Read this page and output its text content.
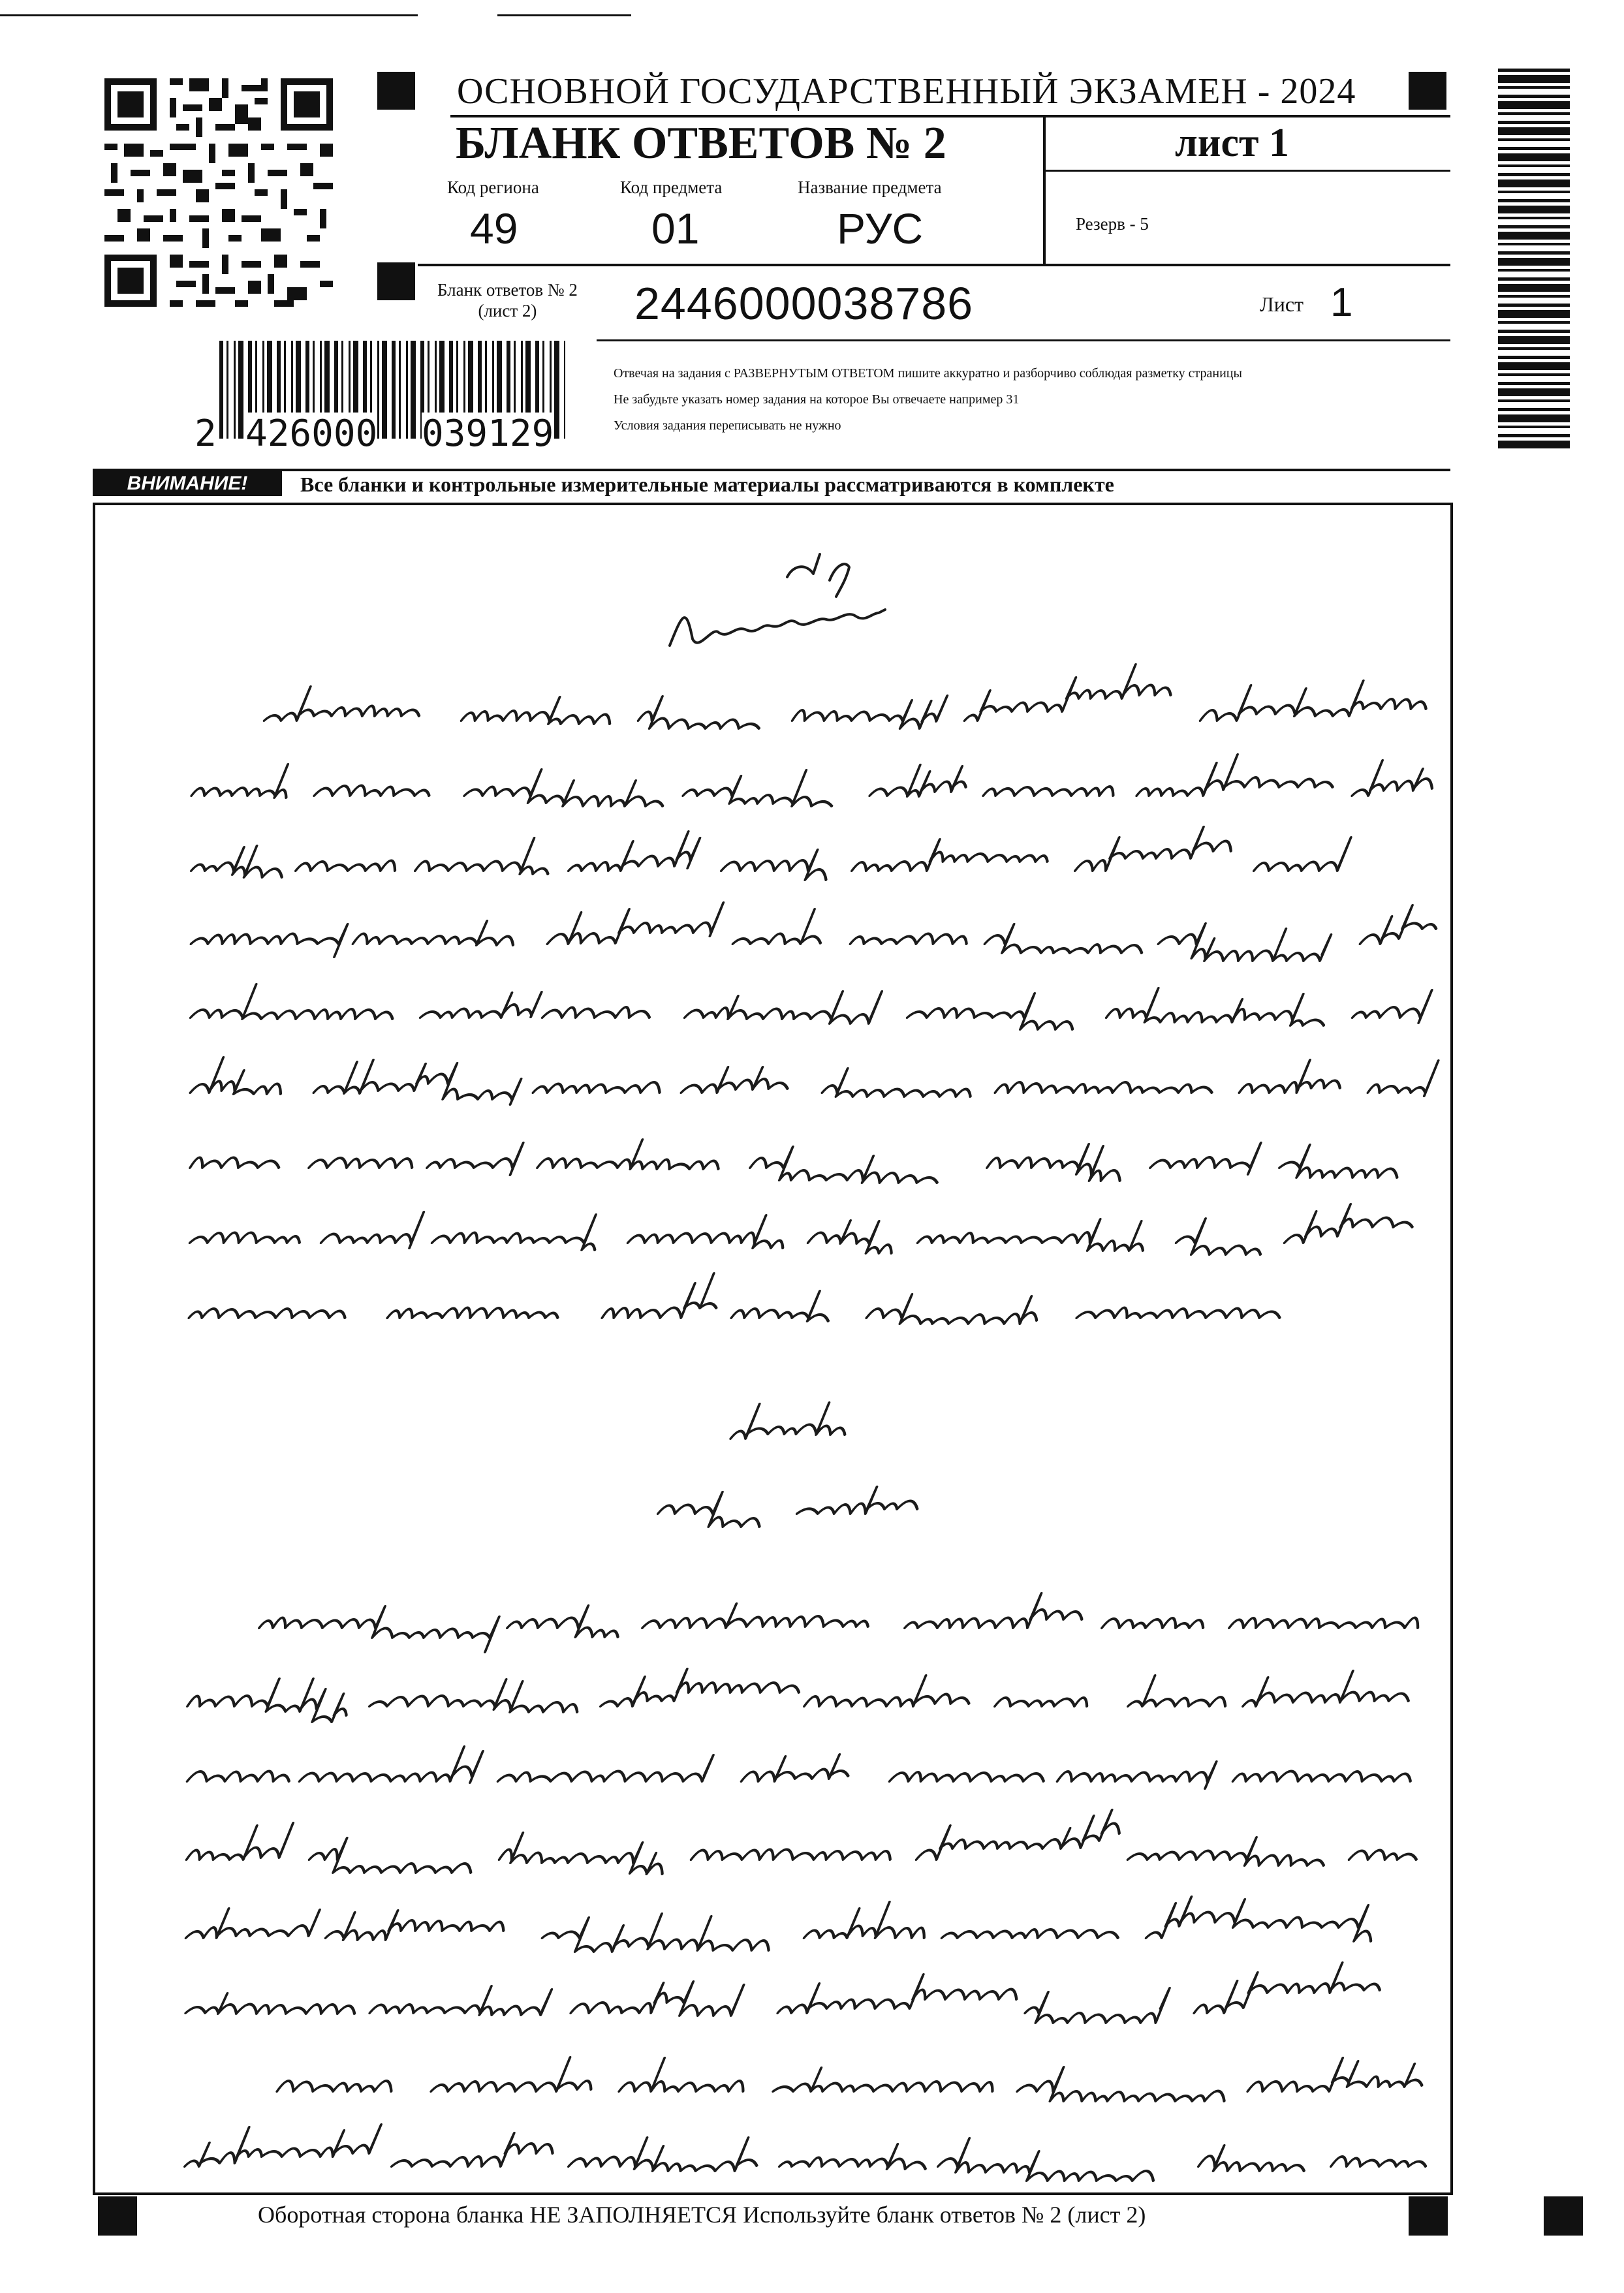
ОСНОВНОЙ ГОСУДАРСТВЕННЫЙ ЭКЗАМЕН - 2024
БЛАНК ОТВЕТОВ № 2	лист 1
Код региона
49
Код предмета
01
Название предмета
РУС	Резерв - 5
Бланк ответов № 2
(лист 2)	2446000038786	Лист 1
2 426000 039129
Отвечая на задания с РАЗВЕРНУТЫМ ОТВЕТОМ пишите аккуратно и разборчиво соблюдая разметку страницы
Не забудьте указать номер задания на которое Вы отвечаете например 31
Условия задания переписывать не нужно
ВНИМАНИЕ!	Все бланки и контрольные измерительные материалы рассматриваются в комплекте
Оборотная сторона бланка НЕ ЗАПОЛНЯЕТСЯ Используйте бланк ответов № 2 (лист 2)
